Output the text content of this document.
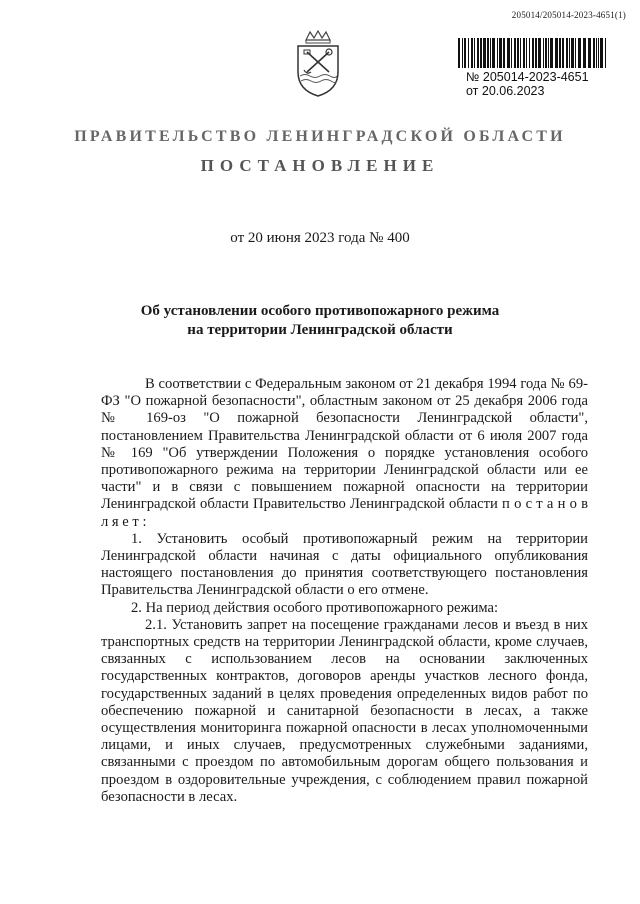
205014/205014-2023-4651(1)
№ 205014-2023-4651
от 20.06.2023
ПРАВИТЕЛЬСТВО ЛЕНИНГРАДСКОЙ ОБЛАСТИ
ПОСТАНОВЛЕНИЕ
от 20 июня 2023 года № 400
Об установлении особого противопожарного режима
на территории Ленинградской области

В соответствии с Федеральным законом от 21 декабря 1994 года № 69-ФЗ "О пожарной безопасности", областным законом от 25 декабря 2006 года № 169-оз "О пожарной безопасности Ленинградской области", постановлением Правительства Ленинградской области от 6 июля 2007 года № 169 "Об утверждении Положения о порядке установления особого противопожарного режима на территории Ленинградской области или ее части" и в связи с повышением пожарной опасности на территории Ленинградской области Правительство Ленинградской области п о с т а н о в л я е т :

1. Установить особый противопожарный режим на территории Ленинградской области начиная с даты официального опубликования настоящего постановления до принятия соответствующего постановления Правительства Ленинградской области о его отмене.

2. На период действия особого противопожарного режима:

2.1. Установить запрет на посещение гражданами лесов и въезд в них транспортных средств на территории Ленинградской области, кроме случаев, связанных с использованием лесов на основании заключенных государственных контрактов, договоров аренды участков лесного фонда, государственных заданий в целях проведения определенных видов работ по обеспечению пожарной и санитарной безопасности в лесах, а также осуществления мониторинга пожарной опасности в лесах уполномоченными лицами, и иных случаев, предусмотренных служебными заданиями, связанными с проездом по автомобильным дорогам общего пользования и проездом в оздоровительные учреждения, с соблюдением правил пожарной безопасности в лесах.
